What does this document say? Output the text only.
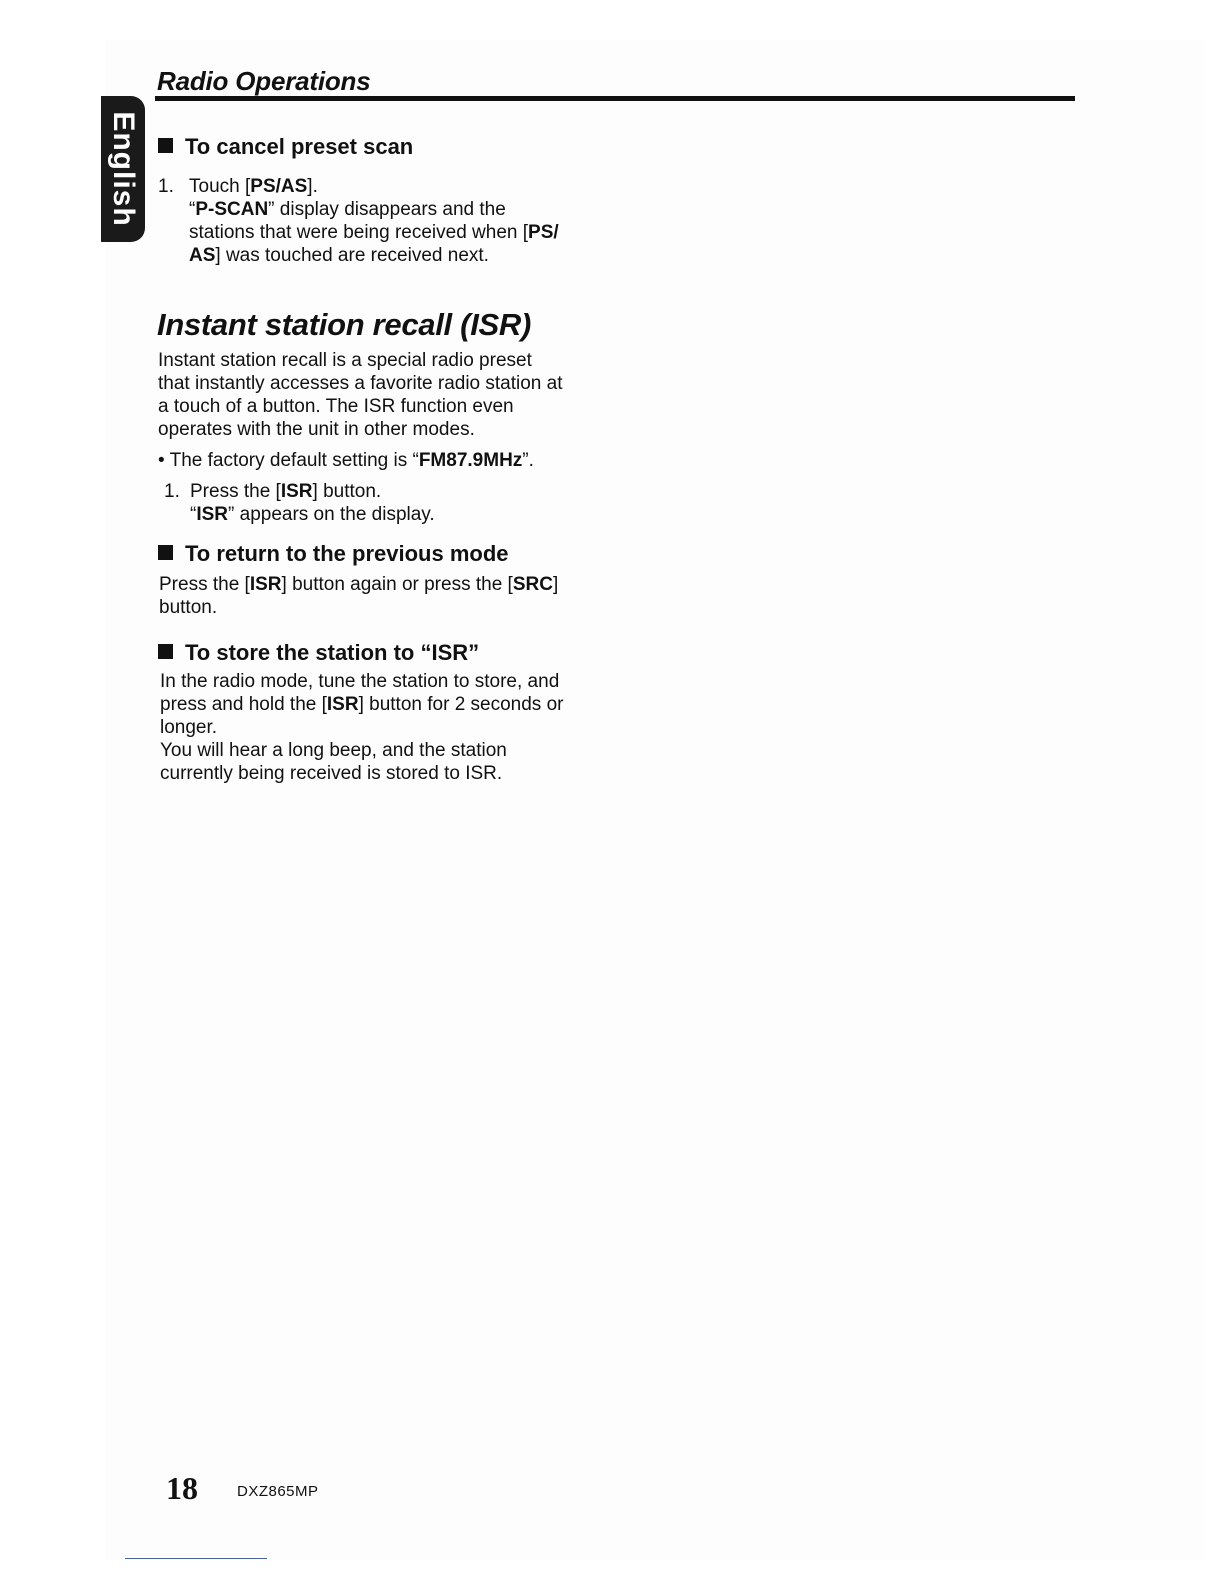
Radio Operations
English	To cancel preset scan
1. Touch [PS/AS].
“P-SCAN” display disappears and the
stations that were being received when [PS/
AS] was touched are received next.
Instant station recall (ISR)
Instant station recall is a special radio preset
that instantly accesses a favorite radio station at
a touch of a button. The ISR function even
operates with the unit in other modes.
• The factory default setting is “FM87.9MHz”.
1. Press the [ISR] button.
“ISR” appears on the display.
To return to the previous mode
Press the [ISR] button again or press the [SRC]
button.
To store the station to “ISR”
In the radio mode, tune the station to store, and
press and hold the [ISR] button for 2 seconds or
longer.
You will hear a long beep, and the station
currently being received is stored to ISR.
18	DXZ865MP
